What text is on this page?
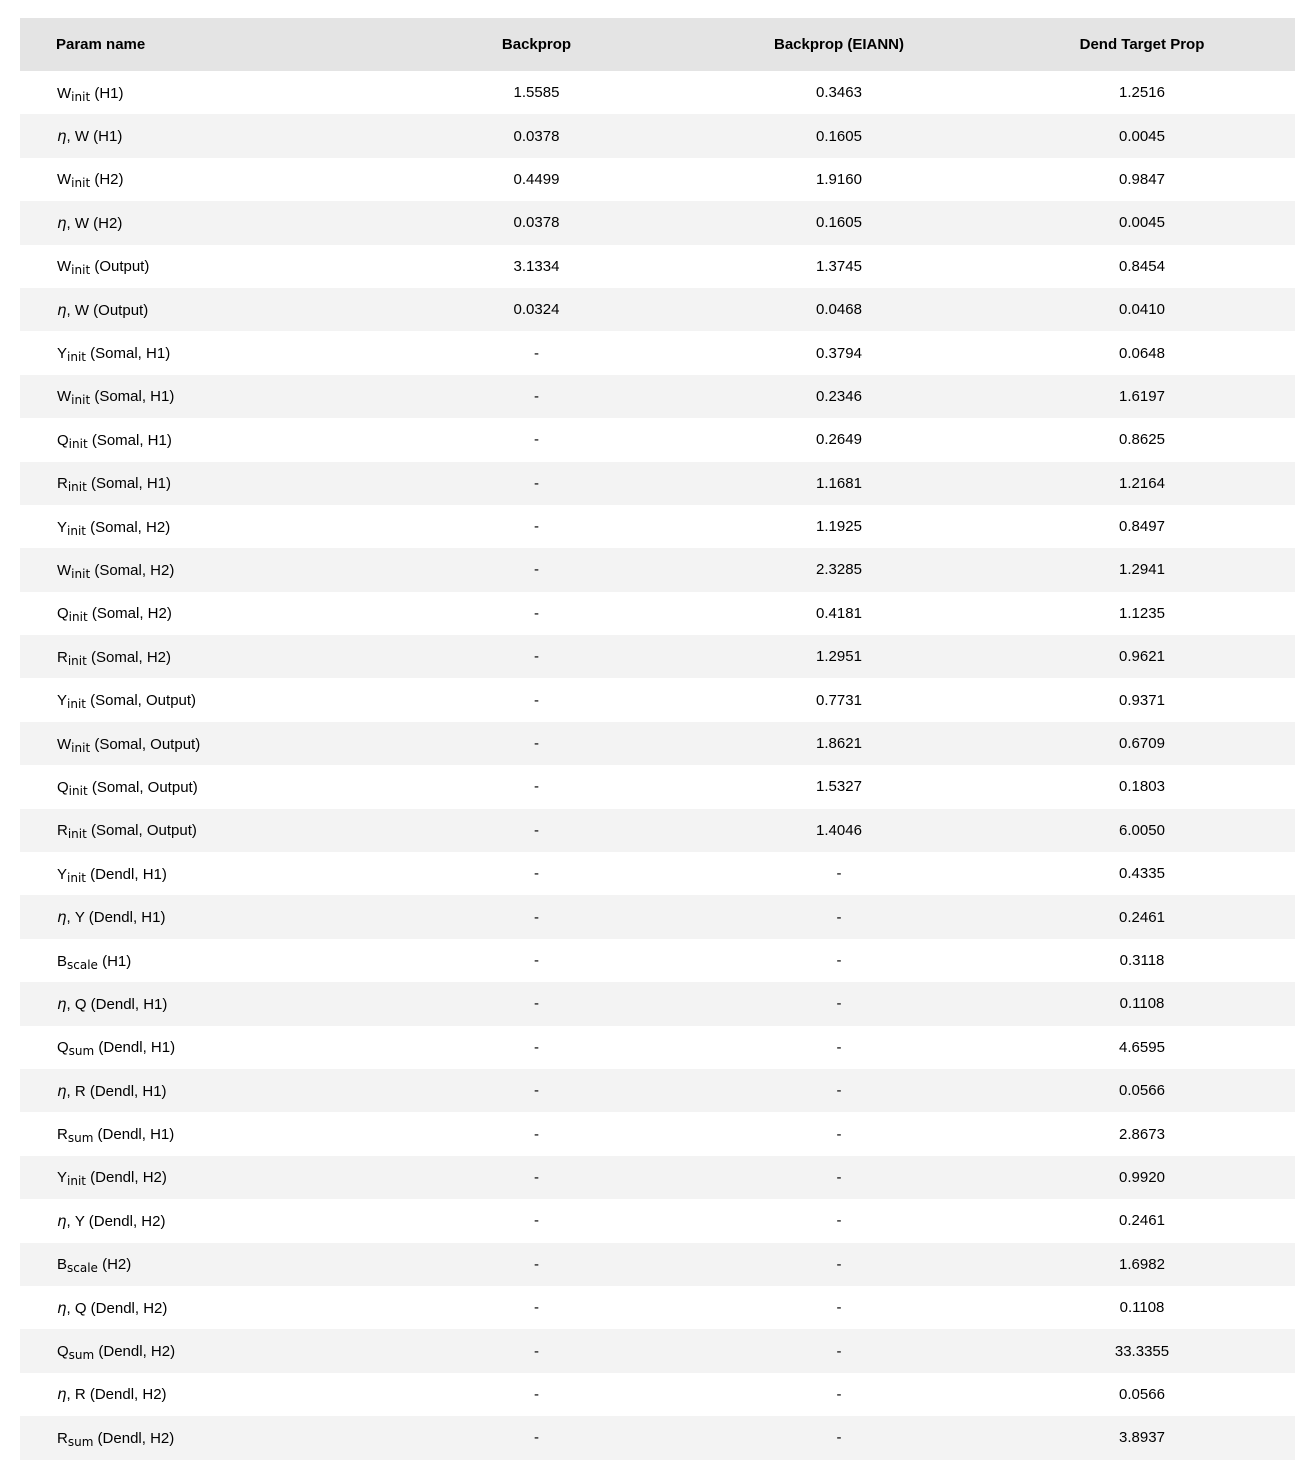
Param name	Backprop	Backprop (EIANN)	Dend Target Prop
$W_{init}$ (H1)	1.5585	0.3463	1.2516
η, W (H1)	0.0378	0.1605	0.0045
$W_{init}$ (H2)	0.4499	1.9160	0.9847
η, W (H2)	0.0378	0.1605	0.0045
$W_{init}$ (Output)	3.1334	1.3745	0.8454
η, W (Output)	0.0324	0.0468	0.0410
$Y_{init}$ (Somal, H1)	-	0.3794	0.0648
$W_{init}$ (Somal, H1)	-	0.2346	1.6197
$Q_{init}$ (Somal, H1)	-	0.2649	0.8625
$R_{init}$ (Somal, H1)	-	1.1681	1.2164
$Y_{init}$ (Somal, H2)	-	1.1925	0.8497
$W_{init}$ (Somal, H2)	-	2.3285	1.2941
$Q_{init}$ (Somal, H2)	-	0.4181	1.1235
$R_{init}$ (Somal, H2)	-	1.2951	0.9621
$Y_{init}$ (Somal, Output)	-	0.7731	0.9371
$W_{init}$ (Somal, Output)	-	1.8621	0.6709
$Q_{init}$ (Somal, Output)	-	1.5327	0.1803
$R_{init}$ (Somal, Output)	-	1.4046	6.0050
$Y_{init}$ (Dendl, H1)	-	-	0.4335
η, Y (Dendl, H1)	-	-	0.2461
$B_{scale}$ (H1)	-	-	0.3118
η, Q (Dendl, H1)	-	-	0.1108
$Q_{sum}$ (Dendl, H1)	-	-	4.6595
η, R (Dendl, H1)	-	-	0.0566
$R_{sum}$ (Dendl, H1)	-	-	2.8673
$Y_{init}$ (Dendl, H2)	-	-	0.9920
η, Y (Dendl, H2)	-	-	0.2461
$B_{scale}$ (H2)	-	-	1.6982
η, Q (Dendl, H2)	-	-	0.1108
$Q_{sum}$ (Dendl, H2)	-	-	33.3355
η, R (Dendl, H2)	-	-	0.0566
$R_{sum}$ (Dendl, H2)	-	-	3.8937
